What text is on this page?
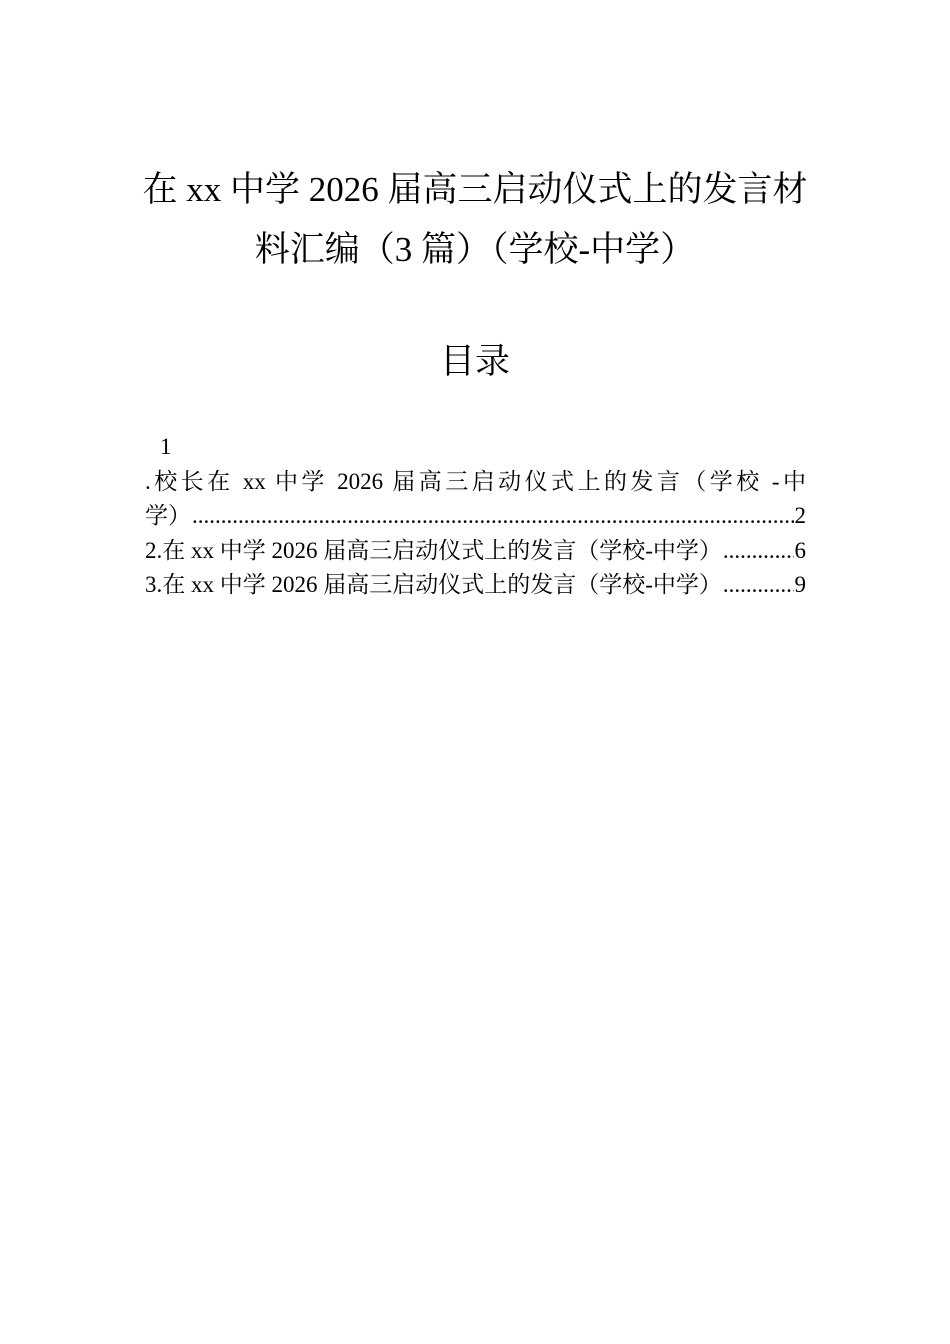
在 xx 中学 2026 届高三启动仪式上的发言材
料汇编（3 篇）（学校-中学）
目录
1
.校长在 xx 中学 2026 届高三启动仪式上的发言（学校 -中
学） .....	2
2.在 xx 中学 2026 届高三启动仪式上的发言（学校-中学） .....	6
3.在 xx 中学 2026 届高三启动仪式上的发言（学校-中学） .....	9
